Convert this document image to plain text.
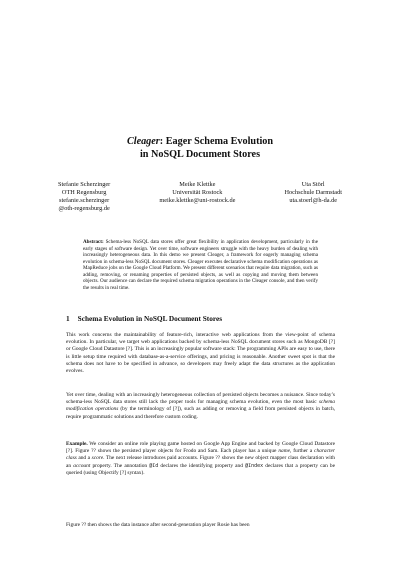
Cleager: Eager Schema Evolution
in NoSQL Document Stores
Stefanie Scherzinger
OTH Regensburg
stefanie.scherzinger
@oth-regensburg.de
Meike Klettke
Universität Rostock
meike.klettke@uni-rostock.de
Uta Störl
Hochschule Darmstadt
uta.stoerl@h-da.de
Abstract: Schema-less NoSQL data stores offer great flexibility in application development, particularly in the early stages of software design. Yet over time, software engineers struggle with the heavy burden of dealing with increasingly heterogeneous data. In this demo we present Cleager, a framework for eagerly managing schema evolution in schema-less NoSQL document stores. Cleager executes declarative schema modification operations as MapReduce jobs on the Google Cloud Platform. We present different scenarios that require data migration, such as adding, removing, or renaming properties of persisted objects, as well as copying and moving them between objects. Our audience can declare the required schema migration operations in the Cleager console, and then verify the results in real time.
1 Schema Evolution in NoSQL Document Stores

This work concerns the maintainability of feature-rich, interactive web applications from the view-point of schema evolution. In particular, we target web applications backed by schema-less NoSQL document stores such as MongoDB [?] or Google Cloud Datastore [?]. This is an increasingly popular software stack: The programming APIs are easy to use, there is little setup time required with database-as-a-service offerings, and pricing is reasonable. Another sweet spot is that the schema does not have to be specified in advance, so developers may freely adapt the data structures as the application evolves.

Yet over time, dealing with an increasingly heterogeneous collection of persisted objects becomes a nuisance. Since today’s schema-less NoSQL data stores still lack the proper tools for managing schema evolution, even the most basic schema modification operations (by the terminology of [?]), such as adding or removing a field from persisted objects in batch, require programmatic solutions and therefore custom coding.

Example. We consider an online role playing game hosted on Google App Engine and backed by Google Cloud Datastore [?]. Figure ?? shows the persisted player objects for Frodo and Sam. Each player has a unique name, further a character class and a score. The next release introduces paid accounts. Figure ?? shows the new object mapper class declaration with an account property. The annotation @Id declares the identifying property and @Index declares that a property can be queried (using Objectify [?] syntax).

Figure ?? then shows the data instance after second-generation player Rosie has been
